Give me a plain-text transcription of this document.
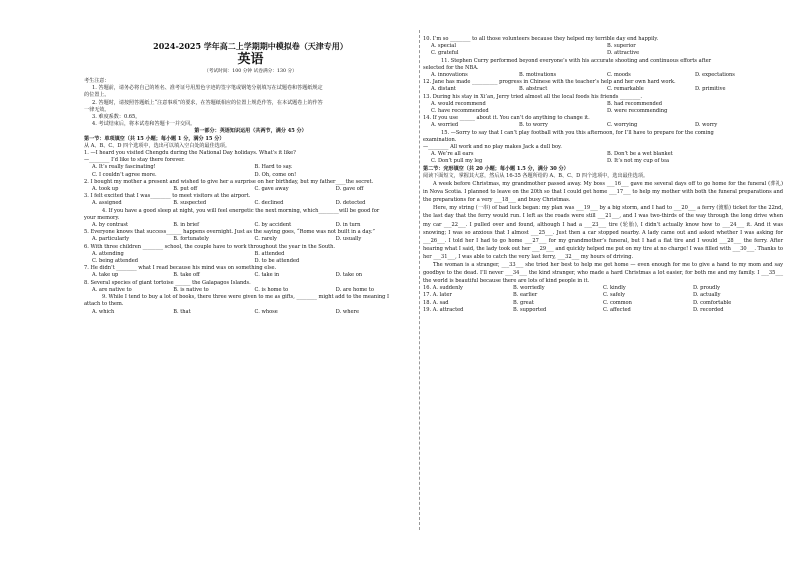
2024-2025 学年高二上学期期中模拟卷（天津专用）
英语
（考试时间：100 分钟 试卷满分：130 分）

考生注意：

1. 答题前，请务必将自己的姓名、准考证号用黑色字迹的签字笔或钢笔分别填写在试题卷和答题纸规定

的位置上。

2. 答题时，请按照答题纸上“注意事项”的要求，在答题纸相应的位置上规范作答，在本试题卷上的作答

一律无效。

3. 难度系数：0.65。

4. 考试结束后，将本试卷和答题卡一并交回。

第一部分：英语知识运用（共两节，满分 45 分）

第一节：单项填空（共 15 小题；每小题 1 分，满分 15 分）

从 A、B、C、D 四个选项中，选出可以填入空白处的最佳选项。

1. —I heard you visited Chengdu during the National Day holidays. What’s it like?

—________ I’d like to stay there forever.

A. It’s really fascinating!	B. Hard to say.
C. I couldn’t agree more.	D. Oh, come on!

2. I bought my mother a present and wished to give her a surprise on her birthday, but my father____the secret.

A. took up	B. put off	C. gave away	D. gave off

3. I felt excited that I was________ to meet visitors at the airport.

A. assigned	B. suspected	C. declined	D. detected

4. If you have a good sleep at night, you will feel energetic the next morning, which________will be good for

your memory.

A. by contrast	B. in brief	C. by accident	D. in turn

5. Everyone knows that success______ happens overnight. Just as the saying goes, “Rome was not built in a day.”

A. particularly	B. fortunately	C. rarely	D. usually

6. With three children ________ school, the couple have to work throughout the year in the South.

A. attending	B. attended
C. being attended	D. to be attended

7. He didn’t ________ what I read because his mind was on something else.

A. take up	B. take off	C. take in	D. take on

8. Several species of giant tortoise ______ the Galapagos Islands.

A. are native to	B. is native to	C. is home to	D. are home to

9. While I tend to buy a lot of books, there three were given to me as gifts, ________ might add to the meaning I

attach to them.

A. which	B. that	C. whose	D. where

10. I’m so ________ to all those volunteers because they helped my terrible day end happily.

A. special	B. superior
C. grateful	D. attractive

11. Stephen Curry performed beyond everyone’s with his accurate shooting and continuous efforts after

selected for the NBA.

A. innovations	B. motivations	C. moods	D. expectations

12. Jane has made __________ progress in Chinese with the teacher’s help and her own hard work.

A. distant	B. abstract	C. remarkable	D. primitive

13. During his stay in Xi’an, Jerry tried almost all the local foods his friends ________.

A. would recommend	B. had recommended
C. have recommended	D. were recommending

14. If you use ______ about it. You can’t do anything to change it.

A. worried	B. to worry	C. worrying	D. worry

15. —Sorry to say that I can’t play football with you this afternoon, for I’ll have to prepare for the coming

examination.

—________ All work and no play makes Jack a dull boy.

A. We’re all ears	B. Don’t be a wet blanket
C. Don’t pull my leg	D. It’s not my cup of tea

第二节：完形填空（共 20 小题；每小题 1.5 分，满分 30 分）

阅读下面短文，掌握其大意，然后从 16-35 各题所给的 A、B、C、D 四个选项中，选出最佳选项。

A week before Christmas, my grandmother passed away. My boss ___16___ gave me several days off to go home for the funeral (葬礼) in Nova Scotia. I planned to leave on the 20th so that I could get home ___17___ to help my mother with both the funeral preparations and the preparations for a very ___18___ and busy Christmas.

Here, my string (一串) of bad luck began: my plan was ___19___ by a big storm, and I had to ___20___ a ferry (渡船) ticket for the 22nd, the last day that the ferry would run. I left as the roads were still ___21___, and I was two-thirds of the way through the long drive when my car ___22___. I pulled over and found, although I had a ___23___ tire (轮胎), I didn’t actually know how to ___24___ it. And it was snowing; I was so anxious that I almost ___25___. Just then a car stopped nearby. A lady came out and asked whether I was asking for ___26___. I told her I had to go home ___27___ for my grandmother’s funeral, but I had a flat tire and I would ___28___ the ferry. After hearing what I said, the lady took out her ___29___ and quickly helped me put on my tire at no charge! I was filled with ___30___. Thanks to her ___31___, I was able to catch the very last ferry, ___32___ my hours of driving.

The woman is a stranger, ___33___ she tried her best to help me get home — even enough for me to give a hand to my mom and say goodbye to the dead. I’ll never ___34___ the kind stranger, who made a hard Christmas a lot easier, for both me and my family. I ___35___ the world is beautiful because there are lots of kind people in it.

16. A. suddenly	B. worriedly	C. kindly	D. proudly
17. A. later	B. earlier	C. safely	D. actually
18. A. sad	B. great	C. common	D. comfortable
19. A. attracted	B. supported	C. affected	D. recorded
